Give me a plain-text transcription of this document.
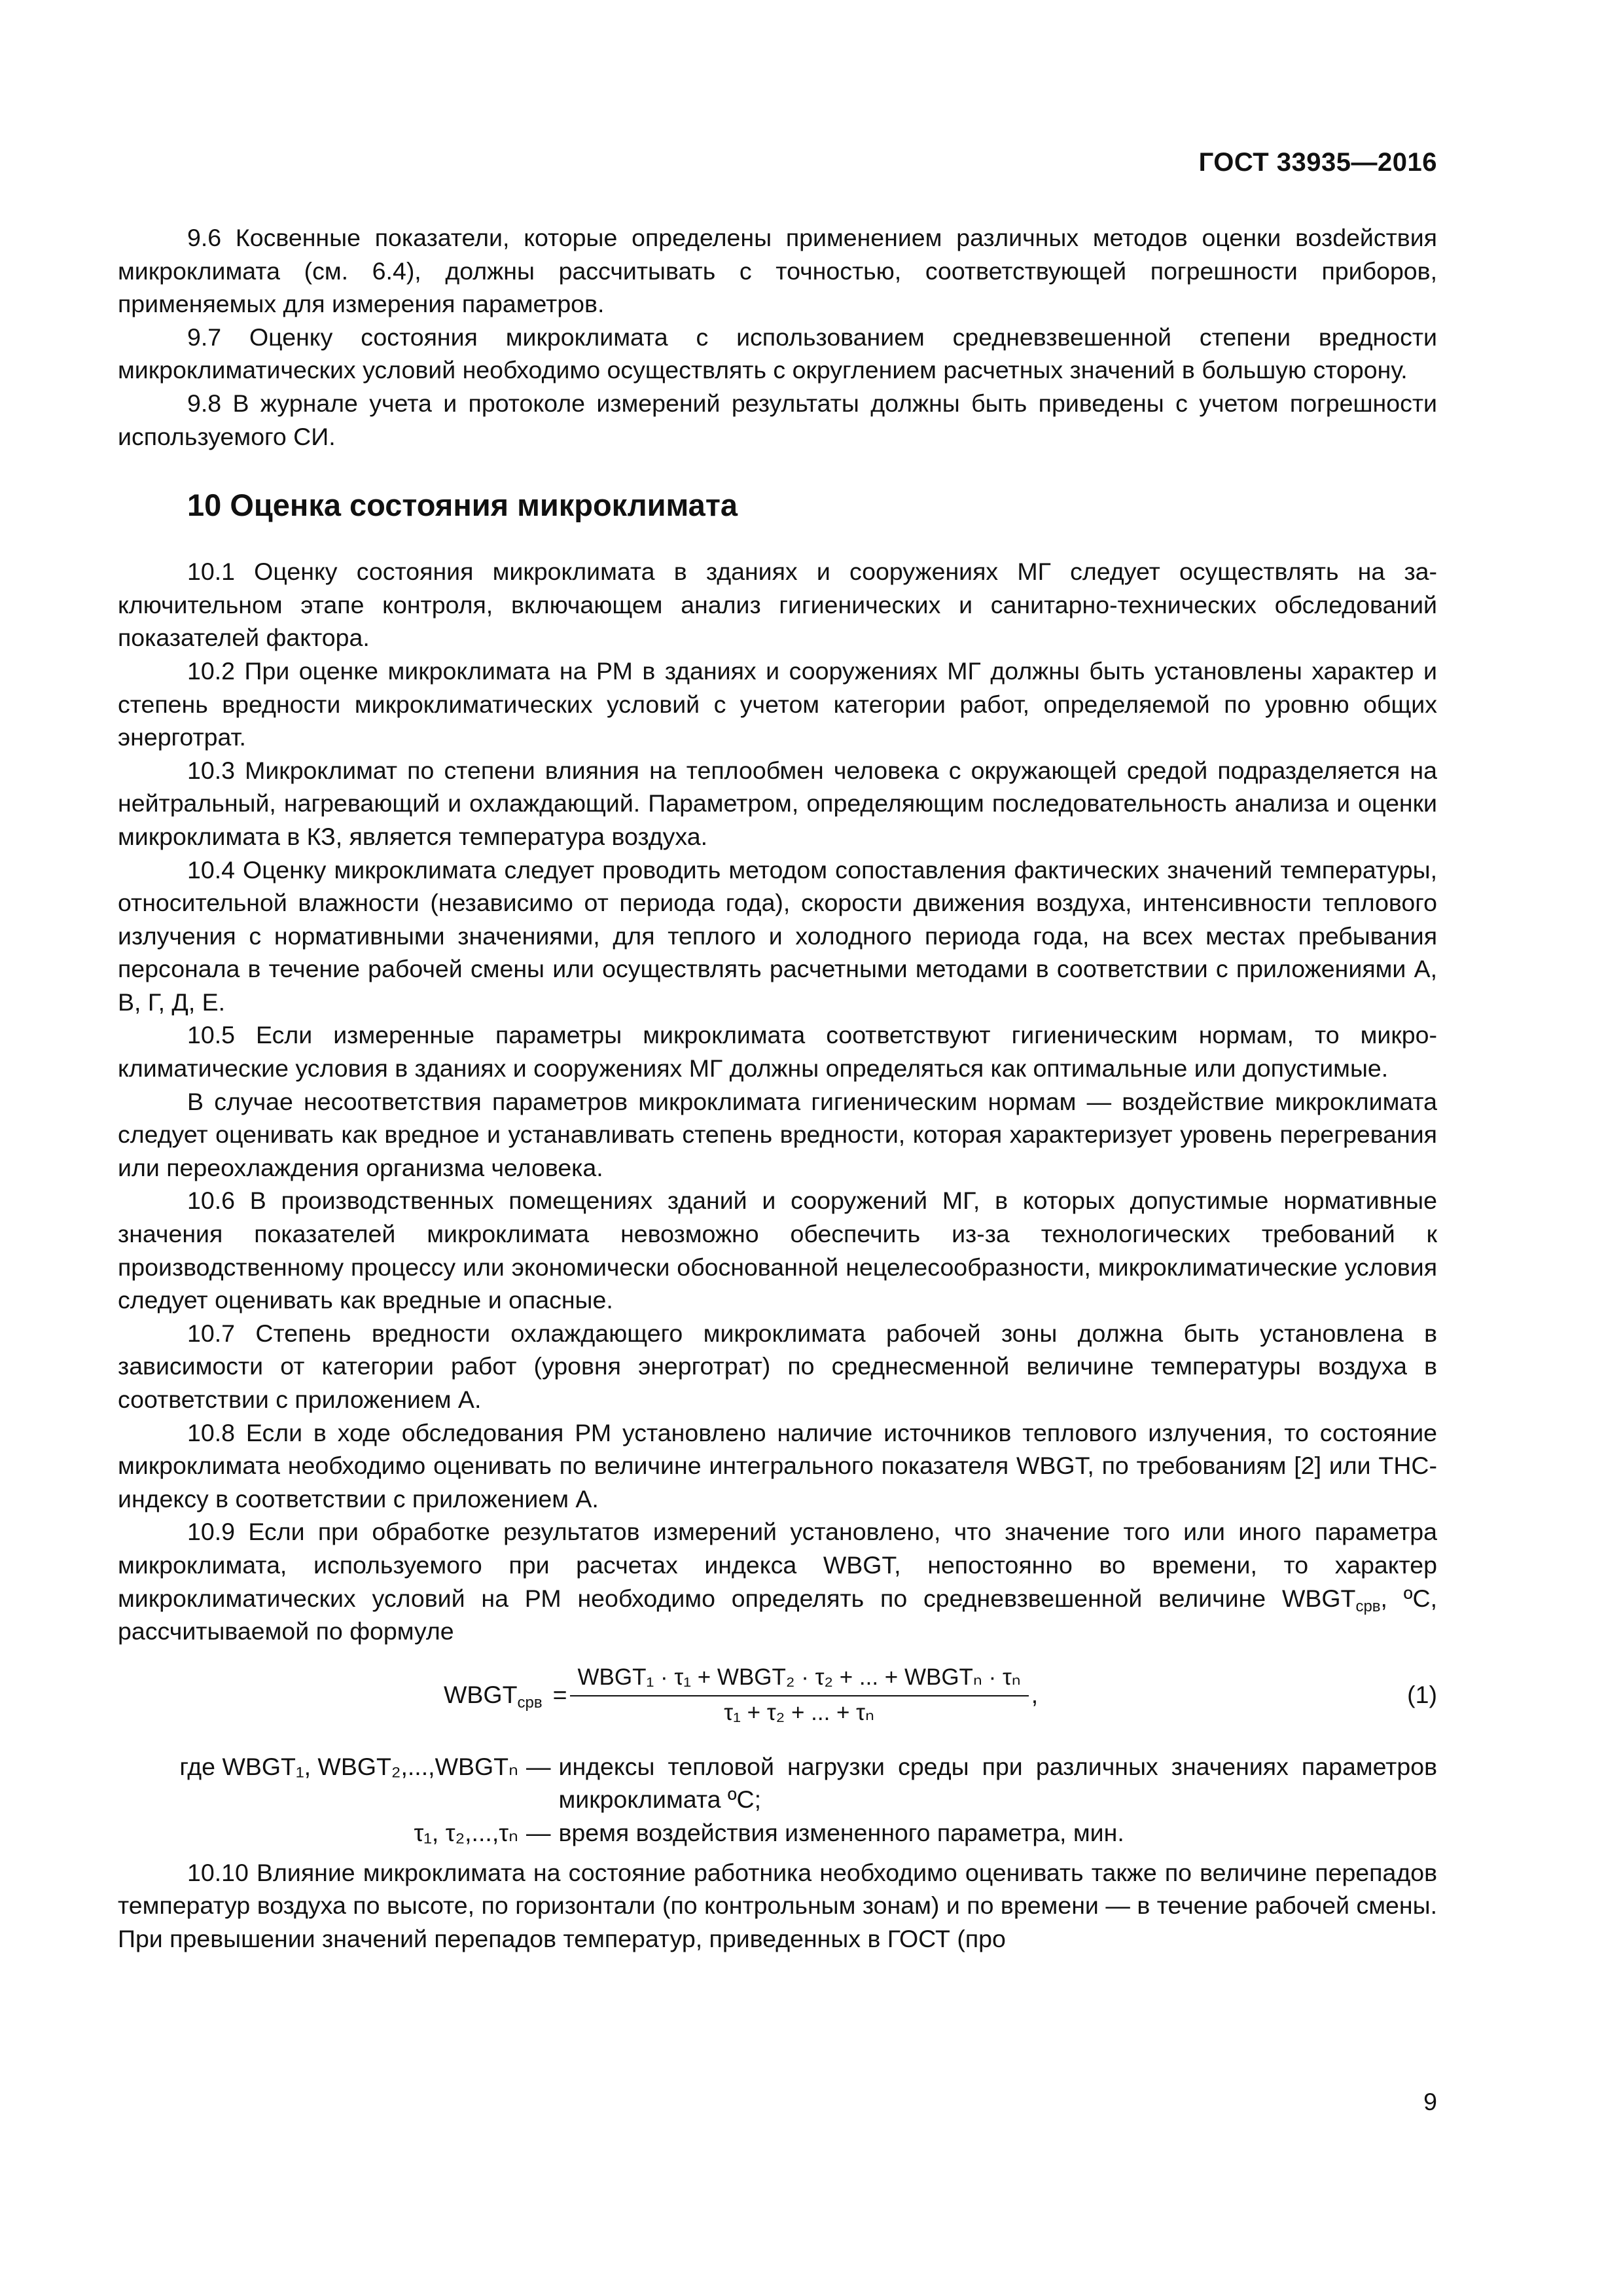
ГОСТ 33935—2016

9.6 Косвенные показатели, которые определены применением различных методов оценки возdействия микроклимата (см. 6.4), должны рассчитывать с точностью, соответствующей погрешности приборов, применяемых для измерения параметров.

9.7 Оценку состояния микроклимата с использованием средневзвешенной степени вредности микроклиматических условий необходимо осуществлять с округлением расчетных значений в большую сторону.

9.8 В журнале учета и протоколе измерений результаты должны быть приведены с учетом погрешности используемого СИ.

10 Оценка состояния микроклимата

10.1 Оценку состояния микроклимата в зданиях и сооружениях МГ следует осуществлять на заключительном этапе контроля, включающем анализ гигиенических и санитарно-технических обследований показателей фактора.

10.2 При оценке микроклимата на РМ в зданиях и сооружениях МГ должны быть установлены характер и степень вредности микроклиматических условий с учетом категории работ, определяемой по уровню общих энерготрат.

10.3 Микроклимат по степени влияния на теплообмен человека с окружающей средой подразделяется на нейтральный, нагревающий и охлаждающий. Параметром, определяющим последовательность анализа и оценки микроклимата в КЗ, является температура воздуха.

10.4 Оценку микроклимата следует проводить методом сопоставления фактических значений температуры, относительной влажности (независимо от периода года), скорости движения воздуха, интенсивности теплового излучения с нормативными значениями, для теплого и холодного периода года, на всех местах пребывания персонала в течение рабочей смены или осуществлять расчетными методами в соответствии с приложениями А, В, Г, Д, Е.

10.5 Если измеренные параметры микроклимата соответствуют гигиеническим нормам, то микроклиматические условия в зданиях и сооружениях МГ должны определяться как оптимальные или допустимые.

В случае несоответствия параметров микроклимата гигиеническим нормам — воздействие микроклимата следует оценивать как вредное и устанавливать степень вредности, которая характеризует уровень перегревания или переохлаждения организма человека.

10.6 В производственных помещениях зданий и сооружений МГ, в которых допустимые нормативные значения показателей микроклимата невозможно обеспечить из-за технологических требований к производственному процессу или экономически обоснованной нецелесообразности, микроклиматические условия следует оценивать как вредные и опасные.

10.7 Степень вредности охлаждающего микроклимата рабочей зоны должна быть установлена в зависимости от категории работ (уровня энерготрат) по среднесменной величине температуры воздуха в соответствии с приложением А.

10.8 Если в ходе обследования РМ установлено наличие источников теплового излучения, то состояние микроклимата необходимо оценивать по величине интегрального показателя WBGT, по требованиям [2] или ТНС-индексу в соответствии с приложением А.

10.9 Если при обработке результатов измерений установлено, что значение того или иного параметра микроклимата, используемого при расчетах индекса WBGT, непостоянно во времени, то характер микроклиматических условий на РМ необходимо определять по средневзвешенной величине $WBGT_{срв}$, ºС, рассчитываемой по формуле

$WBGT_{срв} = \frac{\text{WBGT₁ · τ₁ + WBGT₂ · τ₂ + ... + WBGTₙ · τₙ}}{\text{τ₁ + τ₂ + ... + τₙ}}$ ,	(1)
где WBGT₁, WBGT₂,...,WBGTₙ — индексы тепловой нагрузки среды при различных значениях параметров микроклимата ºС;
τ₁, τ₂,...,τₙ — время воздействия измененного параметра, мин.

10.10 Влияние микроклимата на состояние работника необходимо оценивать также по величине перепадов температур воздуха по высоте, по горизонтали (по контрольным зонам) и по времени — в течение рабочей смены. При превышении значений перепадов температур, приведенных в ГОСТ (про

9
